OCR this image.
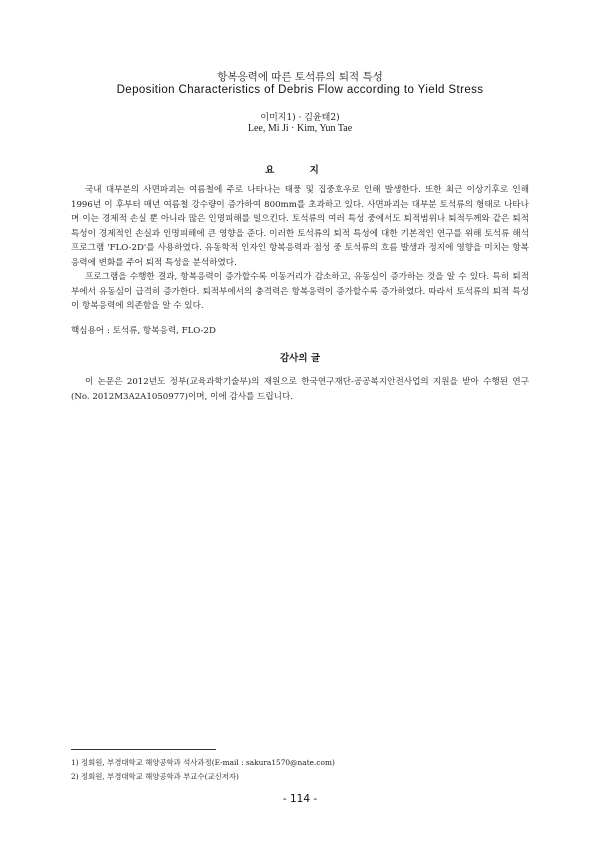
항복응력에 따른 토석류의 퇴적 특성
Deposition Characteristics of Debris Flow according to Yield Stress
이미지1) · 김윤태2)
Lee, Mi Ji · Kim, Yun Tae
요 지

국내 대부분의 사면파괴는 여름철에 주로 나타나는 태풍 및 집중호우로 인해 발생한다. 또한 최근 이상기후로 인해 1996년 이 후부터 매년 여름철 강수량이 증가하여 800mm를 초과하고 있다. 사면파괴는 대부분 토석류의 형태로 나타나며 이는 경제적 손실 뿐 아니라 많은 인명피해를 일으킨다. 토석류의 여러 특성 중에서도 퇴적범위나 퇴적두께와 같은 퇴적 특성이 경제적인 손실과 인명피해에 큰 영향을 준다. 이러한 토석류의 퇴적 특성에 대한 기본적인 연구를 위해 토석류 해석 프로그램 'FLO-2D'를 사용하였다. 유동학적 인자인 항복응력과 점성 중 토석류의 흐름 발생과 정지에 영향을 미치는 항복응력에 변화를 주어 퇴적 특성을 분석하였다.

프로그램을 수행한 결과, 항복응력이 증가할수록 이동거리가 감소하고, 유동심이 증가하는 것을 알 수 있다. 특히 퇴적부에서 유동심이 급격히 증가한다. 퇴적부에서의 충격력은 항복응력이 증가할수록 증가하였다. 따라서 토석류의 퇴적 특성이 항복응력에 의존함을 알 수 있다.

핵심용어 : 토석류, 항복응력, FLO-2D
감사의 글

이 논문은 2012년도 정부(교육과학기술부)의 재원으로 한국연구재단-공공복지안전사업의 지원을 받아 수행된 연구(No. 2012M3A2A1050977)이며, 이에 감사를 드립니다.

1) 정회원, 부경대학교 해양공학과 석사과정(E-mail : sakura1570@nate.com)
2) 정회원, 부경대학교 해양공학과 부교수(교신저자)
- 114 -
